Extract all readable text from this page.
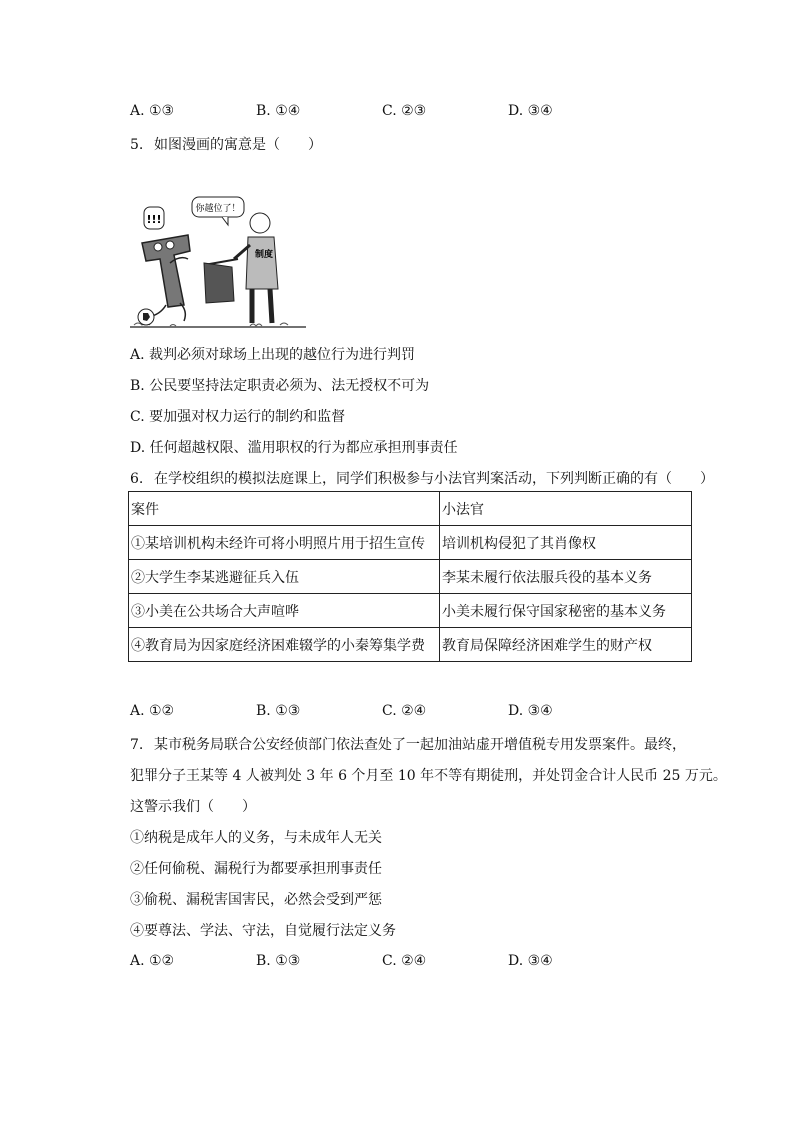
A. ①③	B. ①④	C. ②③	D. ③④
5. 如图漫画的寓意是（　　）
!!!
你越位了！
制度
A. 裁判必须对球场上出现的越位行为进行判罚
B. 公民要坚持法定职责必须为、法无授权不可为
C. 要加强对权力运行的制约和监督
D. 任何超越权限、滥用职权的行为都应承担刑事责任
6. 在学校组织的模拟法庭课上，同学们积极参与小法官判案活动，下列判断正确的有（　　）
案件	小法官
①某培训机构未经许可将小明照片用于招生宣传	培训机构侵犯了其肖像权
②大学生李某逃避征兵入伍	李某未履行依法服兵役的基本义务
③小美在公共场合大声喧哗	小美未履行保守国家秘密的基本义务
④教育局为因家庭经济困难辍学的小秦筹集学费	教育局保障经济困难学生的财产权
A. ①②	B. ①③	C. ②④	D. ③④
7. 某市税务局联合公安经侦部门依法查处了一起加油站虚开增值税专用发票案件。最终，
犯罪分子王某等 4 人被判处 3 年 6 个月至 10 年不等有期徒刑，并处罚金合计人民币 25 万元。
这警示我们（　　）
①纳税是成年人的义务，与未成年人无关
②任何偷税、漏税行为都要承担刑事责任
③偷税、漏税害国害民，必然会受到严惩
④要尊法、学法、守法，自觉履行法定义务
A. ①②	B. ①③	C. ②④	D. ③④
